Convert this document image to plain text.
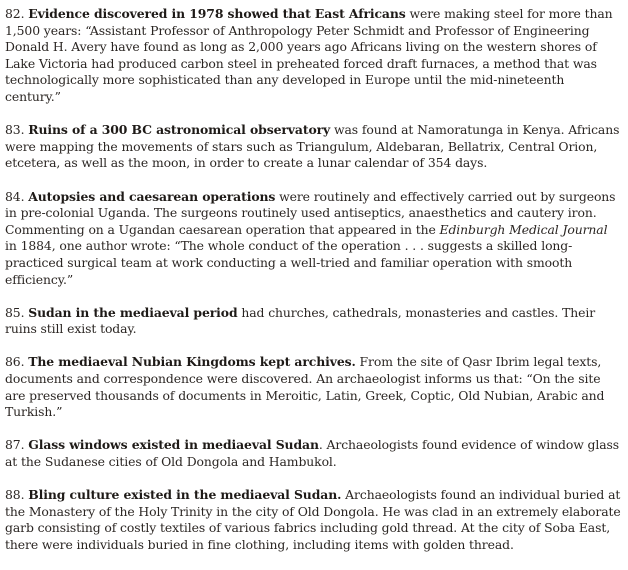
82. Evidence discovered in 1978 showed that East Africans were making steel for more than 1,500 years: “Assistant Professor of Anthropology Peter Schmidt and Professor of Engineering Donald H. Avery have found as long as 2,000 years ago Africans living on the western shores of Lake Victoria had produced carbon steel in preheated forced draft furnaces, a method that was technologically more sophisticated than any developed in Europe until the mid-nineteenth century.”

83. Ruins of a 300 BC astronomical observatory was found at Namoratunga in Kenya. Africans were mapping the movements of stars such as Triangulum, Aldebaran, Bellatrix, Central Orion, etcetera, as well as the moon, in order to create a lunar calendar of 354 days.

84. Autopsies and caesarean operations were routinely and effectively carried out by surgeons in pre-colonial Uganda. The surgeons routinely used antiseptics, anaesthetics and cautery iron. Commenting on a Ugandan caesarean operation that appeared in the Edinburgh Medical Journal in 1884, one author wrote: “The whole conduct of the operation . . . suggests a skilled long-practiced surgical team at work conducting a well-tried and familiar operation with smooth efficiency.”

85. Sudan in the mediaeval period had churches, cathedrals, monasteries and castles. Their ruins still exist today.

86. The mediaeval Nubian Kingdoms kept archives. From the site of Qasr Ibrim legal texts, documents and correspondence were discovered. An archaeologist informs us that: “On the site are preserved thousands of documents in Meroitic, Latin, Greek, Coptic, Old Nubian, Arabic and Turkish.”

87. Glass windows existed in mediaeval Sudan. Archaeologists found evidence of window glass at the Sudanese cities of Old Dongola and Hambukol.

88. Bling culture existed in the mediaeval Sudan. Archaeologists found an individual buried at the Monastery of the Holy Trinity in the city of Old Dongola. He was clad in an extremely elaborate garb consisting of costly textiles of various fabrics including gold thread. At the city of Soba East, there were individuals buried in fine clothing, including items with golden thread.
